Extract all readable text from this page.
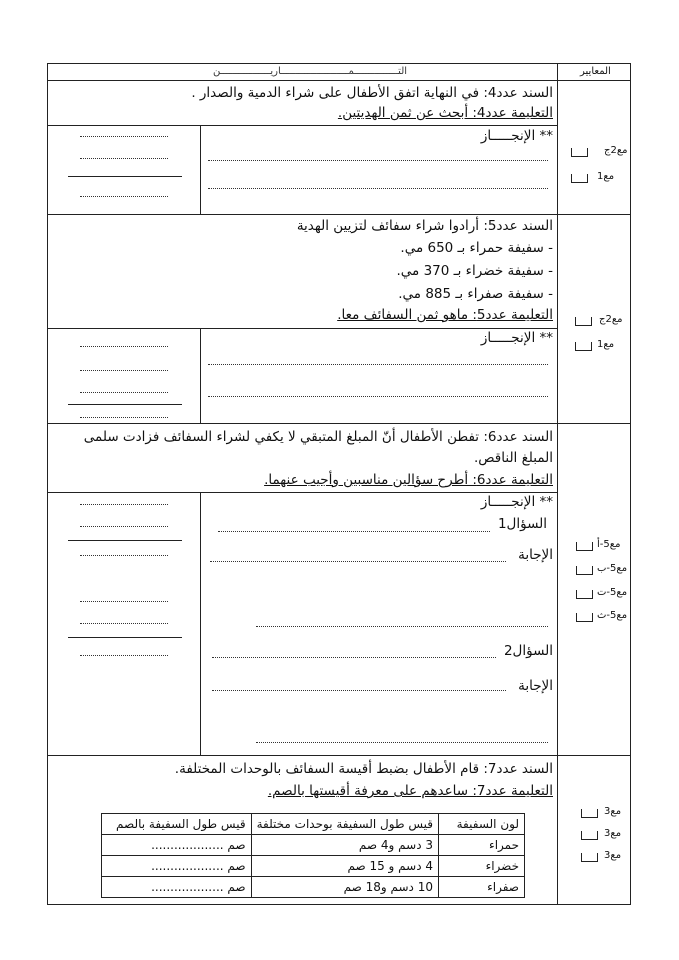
المعايير
التـــــــــــــــمـــــــــــــــــــــــاريـــــــــــــــــن
السند عدد4: في النهاية اتفق الأطفال على شراء الدمية والصدار .
التعليمة عدد4: أبحث عن ثمن الهديتين.
** الإنجـــــاز
مع2ج
مع1
السند عدد5: أرادوا شراء سفائف لتزيين الهدية
- سفيفة حمراء بـ 650 مي.
- سفيفة خضراء بـ 370 مي.
- سفيفة صفراء بـ 885 مي.
التعليمة عدد5: ماهو ثمن السفائف معا.
** الإنجـــــاز
مع2ج
مع1
السند عدد6: تفطن الأطفال أنّ المبلغ المتبقي لا يكفي لشراء السفائف فزادت سلمى
المبلغ الناقص.
التعليمة عدد6: أطرح سؤالين مناسبين وأجيب عنهما.
** الإنجـــــاز
السؤال1
الإجابة
السؤال2
الإجابة
مع5-أ
مع5-ب
مع5-ت
مع5-ث
السند عدد7: قام الأطفال بضبط أقيسة السفائف بالوحدات المختلفة.
التعليمة عدد7: ساعدهم على معرفة أقيستها بالصم.
لون السفيفة	قيس طول السفيفة بوحدات مختلفة	قيس طول السفيفة بالصم
حمراء	3 دسم و4 صم	صم ...................
خضراء	4 دسم و 15 صم	صم ...................
صفراء	10 دسم و18 صم	صم ...................
مع3
مع3
مع3
